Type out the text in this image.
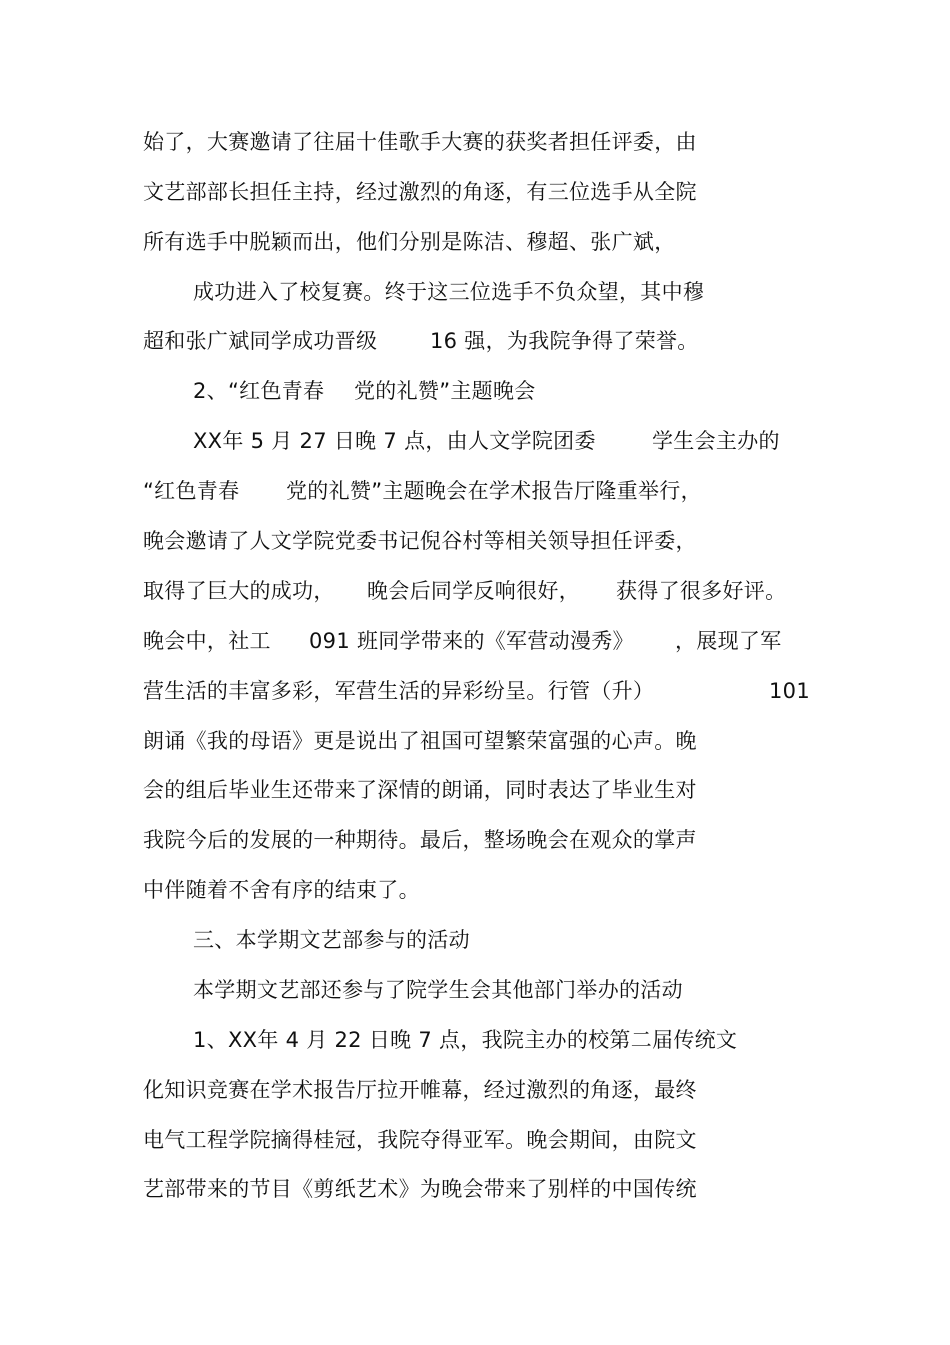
始了，大赛邀请了往届十佳歌手大赛的获奖者担任评委，由
文艺部部长担任主持，经过激烈的角逐，有三位选手从全院
所有选手中脱颖而出，他们分别是陈洁、穆超、张广斌，
成功进入了校复赛。终于这三位选手不负众望，其中穆
超和张广斌同学成功晋级	16 强，为我院争得了荣誉。
2、“红色青春 党的礼赞”主题晚会
XX年 5 月 27 日晚 7 点，由人文学院团委	学生会主办的
“红色青春 党的礼赞”主题晚会在学术报告厅隆重举行，
晚会邀请了人文学院党委书记倪谷村等相关领导担任评委，
取得了巨大的成功， 晚会后同学反响很好， 获得了很多好评。
晚会中，社工 091 班同学带来的《军营动漫秀》 ，展现了军
营生活的丰富多彩，军营生活的异彩纷呈。行管（升）	101
朗诵《我的母语》更是说出了祖国可望繁荣富强的心声。晚
会的组后毕业生还带来了深情的朗诵，同时表达了毕业生对
我院今后的发展的一种期待。最后，整场晚会在观众的掌声
中伴随着不舍有序的结束了。
三、本学期文艺部参与的活动
本学期文艺部还参与了院学生会其他部门举办的活动
1、XX年 4 月 22 日晚 7 点，我院主办的校第二届传统文
化知识竞赛在学术报告厅拉开帷幕，经过激烈的角逐，最终
电气工程学院摘得桂冠，我院夺得亚军。晚会期间，由院文
艺部带来的节目《剪纸艺术》为晚会带来了别样的中国传统
